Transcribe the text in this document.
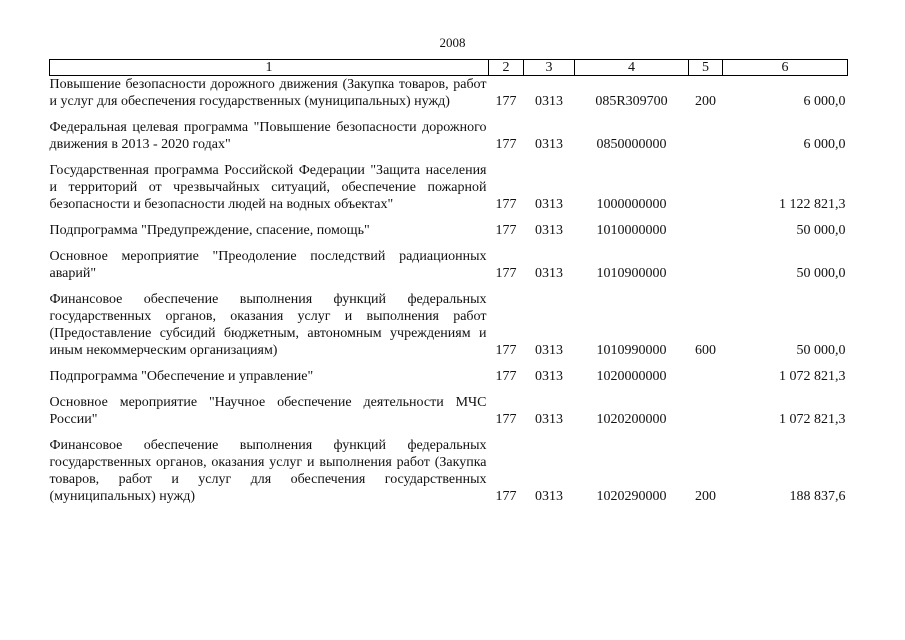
2008
1	2	3	4	5	6
Повышение безопасности дорожного движения (Закупка товаров, работ и услуг для обеспечения государственных (муниципальных) нужд)	177	0313	085R309700	200	6 000,0
Федеральная целевая программа "Повышение безопасности дорожного движения в 2013 - 2020 годах"	177	0313	0850000000		6 000,0
Государственная программа Российской Федерации "Защита населения и территорий от чрезвычайных ситуаций, обеспечение пожарной безопасности и безопасности людей на водных объектах"	177	0313	1000000000		1 122 821,3
Подпрограмма "Предупреждение, спасение, помощь"	177	0313	1010000000		50 000,0
Основное мероприятие "Преодоление последствий радиационных аварий"	177	0313	1010900000		50 000,0
Финансовое обеспечение выполнения функций федеральных государственных органов, оказания услуг и выполнения работ (Предоставление субсидий бюджетным, автономным учреждениям и иным некоммерческим организациям)	177	0313	1010990000	600	50 000,0
Подпрограмма "Обеспечение и управление"	177	0313	1020000000		1 072 821,3
Основное мероприятие "Научное обеспечение деятельности МЧС России"	177	0313	1020200000		1 072 821,3
Финансовое обеспечение выполнения функций федеральных государственных органов, оказания услуг и выполнения работ (Закупка товаров, работ и услуг для обеспечения государственных (муниципальных) нужд)	177	0313	1020290000	200	188 837,6
